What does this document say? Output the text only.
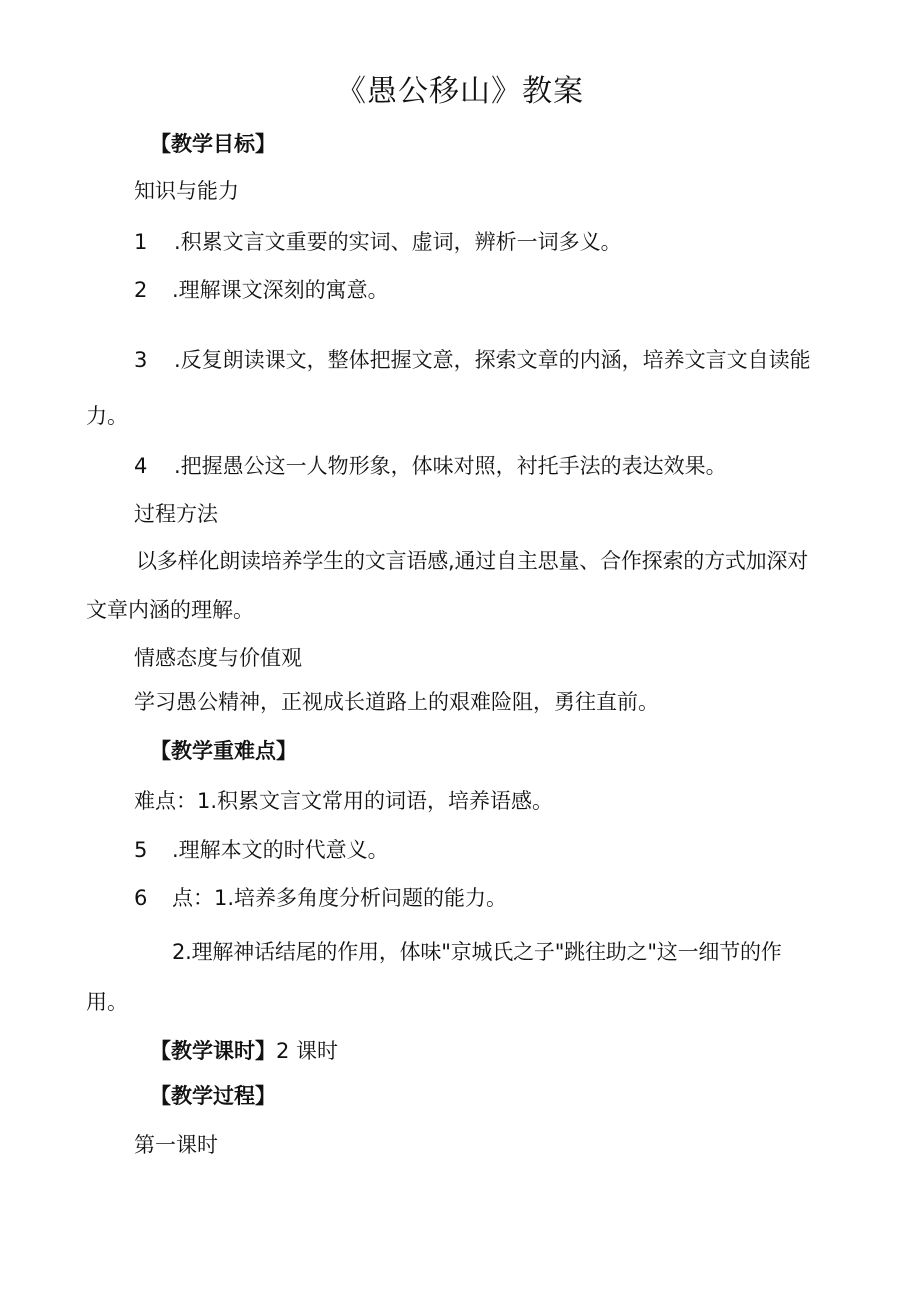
《愚公移山》教案
【教学目标】
知识与能力
1 .积累文言文重要的实词、虚词，辨析一词多义。
2 .理解课文深刻的寓意。
3 .反复朗读课文，整体把握文意，探索文章的内涵，培养文言文自读能
力。
4 .把握愚公这一人物形象，体味对照，衬托手法的表达效果。
过程方法
以多样化朗读培养学生的文言语感,通过自主思量、合作探索的方式加深对
文章内涵的理解。
情感态度与价值观
学习愚公精神，正视成长道路上的艰难险阻，勇往直前。
【教学重难点】
难点：1.积累文言文常用的词语，培养语感。
5 .理解本文的时代意义。
6 点：1.培养多角度分析问题的能力。
2.理解神话结尾的作用，体味"京城氏之子"跳往助之"这一细节的作
用。
【教学课时】2 课时
【教学过程】
第一课时
